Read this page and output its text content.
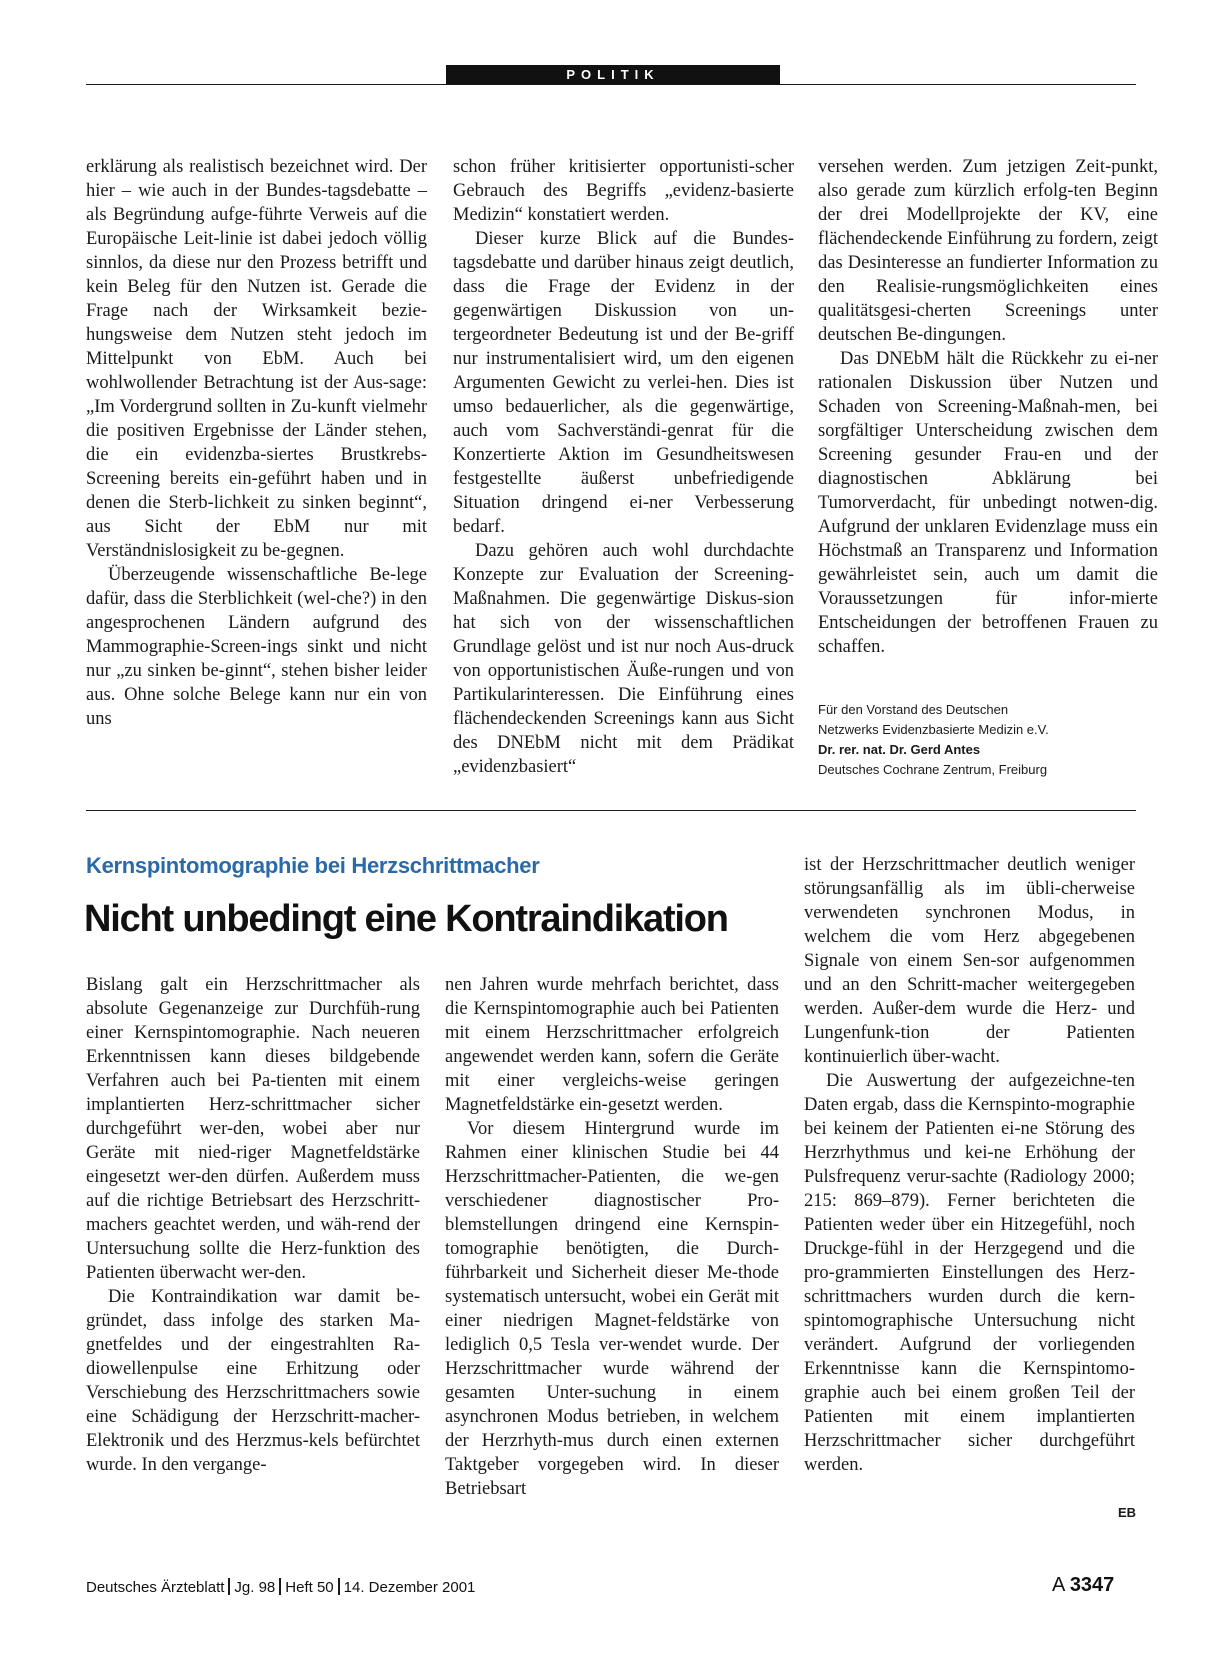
POLITIK

erklärung als realistisch bezeichnet wird. Der hier – wie auch in der Bundes-tagsdebatte – als Begründung aufge-führte Verweis auf die Europäische Leit-linie ist dabei jedoch völlig sinnlos, da diese nur den Prozess betrifft und kein Beleg für den Nutzen ist. Gerade die Frage nach der Wirksamkeit bezie-hungsweise dem Nutzen steht jedoch im Mittelpunkt von EbM. Auch bei wohlwollender Betrachtung ist der Aus-sage: „Im Vordergrund sollten in Zu-kunft vielmehr die positiven Ergebnisse der Länder stehen, die ein evidenzba-siertes Brustkrebs-Screening bereits ein-geführt haben und in denen die Sterb-lichkeit zu sinken beginnt“, aus Sicht der EbM nur mit Verständnislosigkeit zu be-gegnen.

Überzeugende wissenschaftliche Be-lege dafür, dass die Sterblichkeit (wel-che?) in den angesprochenen Ländern aufgrund des Mammographie-Screen-ings sinkt und nicht nur „zu sinken be-ginnt“, stehen bisher leider aus. Ohne solche Belege kann nur ein von uns

schon früher kritisierter opportunisti-scher Gebrauch des Begriffs „evidenz-basierte Medizin“ konstatiert werden.

Dieser kurze Blick auf die Bundes-tagsdebatte und darüber hinaus zeigt deutlich, dass die Frage der Evidenz in der gegenwärtigen Diskussion von un-tergeordneter Bedeutung ist und der Be-griff nur instrumentalisiert wird, um den eigenen Argumenten Gewicht zu verlei-hen. Dies ist umso bedauerlicher, als die gegenwärtige, auch vom Sachverständi-genrat für die Konzertierte Aktion im Gesundheitswesen festgestellte äußerst unbefriedigende Situation dringend ei-ner Verbesserung bedarf.

Dazu gehören auch wohl durchdachte Konzepte zur Evaluation der Screening-Maßnahmen. Die gegenwärtige Diskus-sion hat sich von der wissenschaftlichen Grundlage gelöst und ist nur noch Aus-druck von opportunistischen Äuße-rungen und von Partikularinteressen. Die Einführung eines flächendeckenden Screenings kann aus Sicht des DNEbM nicht mit dem Prädikat „evidenzbasiert“

versehen werden. Zum jetzigen Zeit-punkt, also gerade zum kürzlich erfolg-ten Beginn der drei Modellprojekte der KV, eine flächendeckende Einführung zu fordern, zeigt das Desinteresse an fundierter Information zu den Realisie-rungsmöglichkeiten eines qualitätsgesi-cherten Screenings unter deutschen Be-dingungen.

Das DNEbM hält die Rückkehr zu ei-ner rationalen Diskussion über Nutzen und Schaden von Screening-Maßnah-men, bei sorgfältiger Unterscheidung zwischen dem Screening gesunder Frau-en und der diagnostischen Abklärung bei Tumorverdacht, für unbedingt notwen-dig. Aufgrund der unklaren Evidenzlage muss ein Höchstmaß an Transparenz und Information gewährleistet sein, auch um damit die Voraussetzungen für infor-mierte Entscheidungen der betroffenen Frauen zu schaffen.

Für den Vorstand des Deutschen
Netzwerks Evidenzbasierte Medizin e.V.
Dr. rer. nat. Dr. Gerd Antes
Deutsches Cochrane Zentrum, Freiburg
Kernspintomographie bei Herzschrittmacher
Nicht unbedingt eine Kontraindikation

Bislang galt ein Herzschrittmacher als absolute Gegenanzeige zur Durchfüh-rung einer Kernspintomographie. Nach neueren Erkenntnissen kann dieses bildgebende Verfahren auch bei Pa-tienten mit einem implantierten Herz-schrittmacher sicher durchgeführt wer-den, wobei aber nur Geräte mit nied-riger Magnetfeldstärke eingesetzt wer-den dürfen. Außerdem muss auf die richtige Betriebsart des Herzschritt-machers geachtet werden, und wäh-rend der Untersuchung sollte die Herz-funktion des Patienten überwacht wer-den.

Die Kontraindikation war damit be-gründet, dass infolge des starken Ma-gnetfeldes und der eingestrahlten Ra-diowellenpulse eine Erhitzung oder Verschiebung des Herzschrittmachers sowie eine Schädigung der Herzschritt-macher-Elektronik und des Herzmus-kels befürchtet wurde. In den vergange-

nen Jahren wurde mehrfach berichtet, dass die Kernspintomographie auch bei Patienten mit einem Herzschrittmacher erfolgreich angewendet werden kann, sofern die Geräte mit einer vergleichs-weise geringen Magnetfeldstärke ein-gesetzt werden.

Vor diesem Hintergrund wurde im Rahmen einer klinischen Studie bei 44 Herzschrittmacher-Patienten, die we-gen verschiedener diagnostischer Pro-blemstellungen dringend eine Kernspin-tomographie benötigten, die Durch-führbarkeit und Sicherheit dieser Me-thode systematisch untersucht, wobei ein Gerät mit einer niedrigen Magnet-feldstärke von lediglich 0,5 Tesla ver-wendet wurde. Der Herzschrittmacher wurde während der gesamten Unter-suchung in einem asynchronen Modus betrieben, in welchem der Herzrhyth-mus durch einen externen Taktgeber vorgegeben wird. In dieser Betriebsart

ist der Herzschrittmacher deutlich weniger störungsanfällig als im übli-cherweise verwendeten synchronen Modus, in welchem die vom Herz abgegebenen Signale von einem Sen-sor aufgenommen und an den Schritt-macher weitergegeben werden. Außer-dem wurde die Herz- und Lungenfunk-tion der Patienten kontinuierlich über-wacht.

Die Auswertung der aufgezeichne-ten Daten ergab, dass die Kernspinto-mographie bei keinem der Patienten ei-ne Störung des Herzrhythmus und kei-ne Erhöhung der Pulsfrequenz verur-sachte (Radiology 2000; 215: 869–879). Ferner berichteten die Patienten weder über ein Hitzegefühl, noch Druckge-fühl in der Herzgegend und die pro-grammierten Einstellungen des Herz-schrittmachers wurden durch die kern-spintomographische Untersuchung nicht verändert. Aufgrund der vorliegenden Erkenntnisse kann die Kernspintomo-graphie auch bei einem großen Teil der Patienten mit einem implantierten Herzschrittmacher sicher durchgeführt werden.

EB
Deutsches Ärzteblatt Jg. 98 Heft 50 14. Dezember 2001	A 3347
